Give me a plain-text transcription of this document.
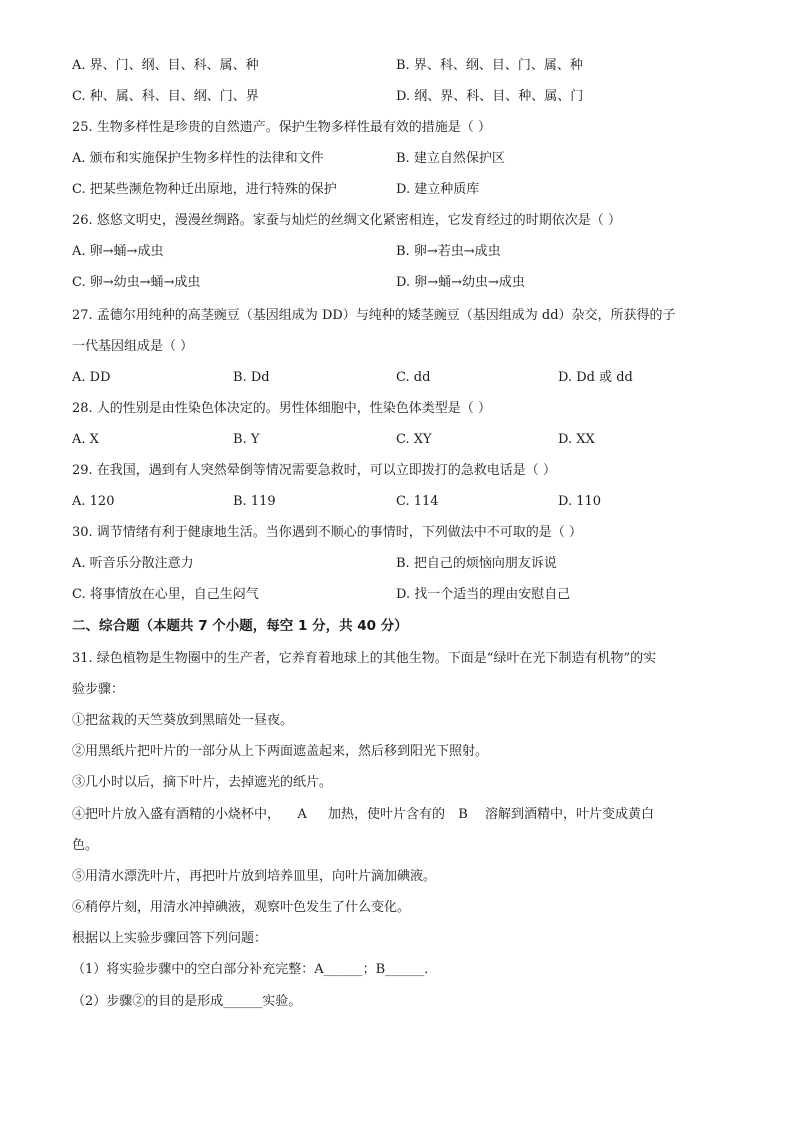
A. 界、门、纲、目、科、属、种	B. 界、科、纲、目、门、属、种
C. 种、属、科、目、纲、门、界	D. 纲、界、科、目、种、属、门
25. 生物多样性是珍贵的自然遗产。保护生物多样性最有效的措施是（ ）
A. 颁布和实施保护生物多样性的法律和文件	B. 建立自然保护区
C. 把某些濒危物种迁出原地，进行特殊的保护	D. 建立种质库
26. 悠悠文明史，漫漫丝绸路。家蚕与灿烂的丝绸文化紧密相连，它发育经过的时期依次是（ ）
A. 卵→蛹→成虫	B. 卵→若虫→成虫
C. 卵→幼虫→蛹→成虫	D. 卵→蛹→幼虫→成虫
27. 孟德尔用纯种的高茎豌豆（基因组成为 DD）与纯种的矮茎豌豆（基因组成为 dd）杂交，所获得的子
一代基因组成是（ ）
A. DD	B. Dd	C. dd	D. Dd 或 dd
28. 人的性别是由性染色体决定的。男性体细胞中，性染色体类型是（ ）
A. X	B. Y	C. XY	D. XX
29. 在我国，遇到有人突然晕倒等情况需要急救时，可以立即拨打的急救电话是（ ）
A. 120	B. 119	C. 114	D. 110
30. 调节情绪有利于健康地生活。当你遇到不顺心的事情时，下列做法中不可取的是（ ）
A. 听音乐分散注意力	B. 把自己的烦恼向朋友诉说
C. 将事情放在心里，自己生闷气	D. 找一个适当的理由安慰自己
二、综合题（本题共 7 个小题，每空 1 分，共 40 分）
31. 绿色植物是生物圈中的生产者，它养育着地球上的其他生物。下面是“绿叶在光下制造有机物”的实
验步骤：
①把盆栽的天竺葵放到黑暗处一昼夜。
②用黑纸片把叶片的一部分从上下两面遮盖起来，然后移到阳光下照射。
③几小时以后，摘下叶片，去掉遮光的纸片。
④把叶片放入盛有酒精的小烧杯中， A 加热，使叶片含有的 B 溶解到酒精中，叶片变成黄白
色。
⑤用清水漂洗叶片，再把叶片放到培养皿里，向叶片滴加碘液。
⑥稍停片刻，用清水冲掉碘液，观察叶色发生了什么变化。
根据以上实验步骤回答下列问题：
（1）将实验步骤中的空白部分补充完整：A______；B______．
（2）步骤②的目的是形成______实验。
